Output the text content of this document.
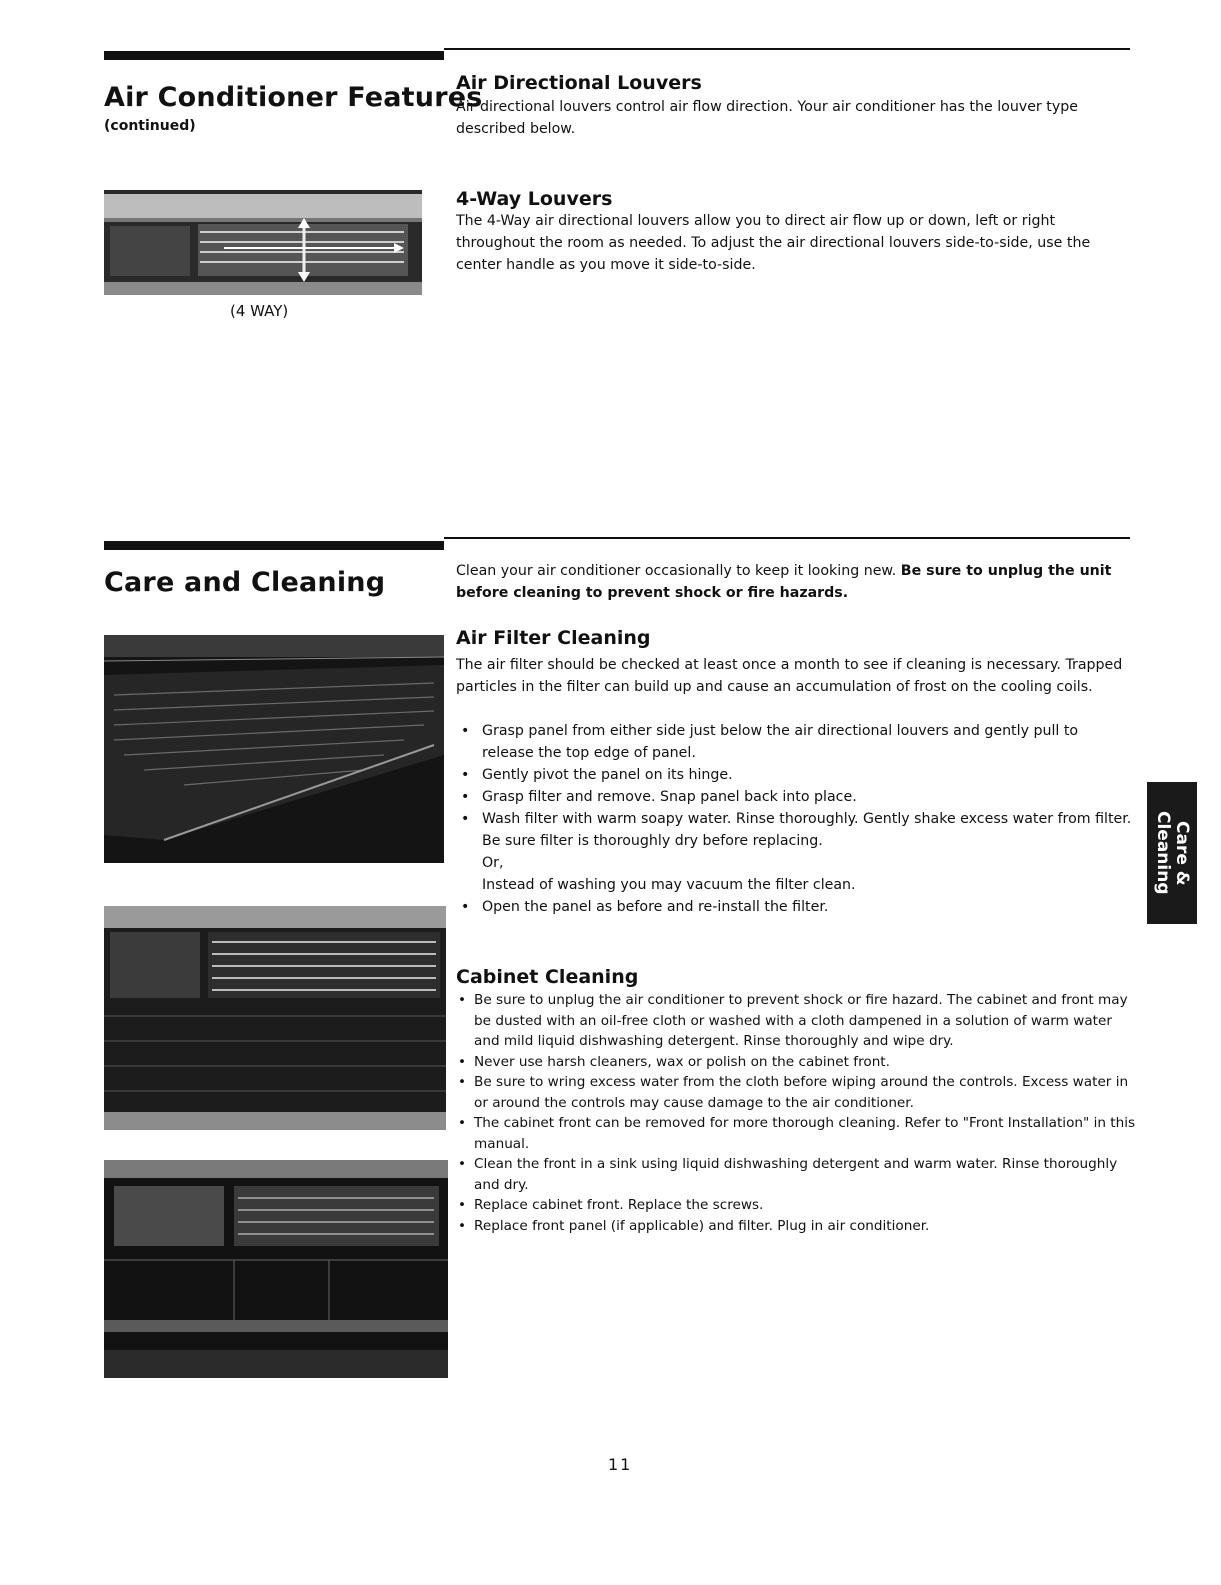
Air Conditioner Features
(continued)
Air Directional Louvers

Air directional louvers control air flow direction. Your air conditioner has the louver type described below.

4-Way Louvers

The 4-Way air directional louvers allow you to direct air flow up or down, left or right throughout the room as needed. To adjust the air directional louvers side-to-side, use the center handle as you move it side-to-side.

(4 WAY)
Care and Cleaning	Clean your air conditioner occasionally to keep it looking new. Be sure to unplug the unit before cleaning to prevent shock or fire hazards.

Air Filter Cleaning

The air filter should be checked at least once a month to see if cleaning is necessary. Trapped particles in the filter can build up and cause an accumulation of frost on the cooling coils.

• Grasp panel from either side just below the air directional louvers and gently pull to release the top edge of panel.
• Gently pivot the panel on its hinge.
• Grasp filter and remove. Snap panel back into place.
• Wash filter with warm soapy water. Rinse thoroughly. Gently shake excess water from filter. Be sure filter is thoroughly dry before replacing.
Or,
Instead of washing you may vacuum the filter clean.
• Open the panel as before and re-install the filter.
Cabinet Cleaning
• Be sure to unplug the air conditioner to prevent shock or fire hazard. The cabinet and front may be dusted with an oil-free cloth or washed with a cloth dampened in a solution of warm water and mild liquid dishwashing detergent. Rinse thoroughly and wipe dry.
• Never use harsh cleaners, wax or polish on the cabinet front.
• Be sure to wring excess water from the cloth before wiping around the controls. Excess water in or around the controls may cause damage to the air conditioner.
• The cabinet front can be removed for more thorough cleaning. Refer to "Front Installation" in this manual.
• Clean the front in a sink using liquid dishwashing detergent and warm water. Rinse thoroughly and dry.
• Replace cabinet front. Replace the screws.
• Replace front panel (if applicable) and filter. Plug in air conditioner.
Care & Cleaning
11
